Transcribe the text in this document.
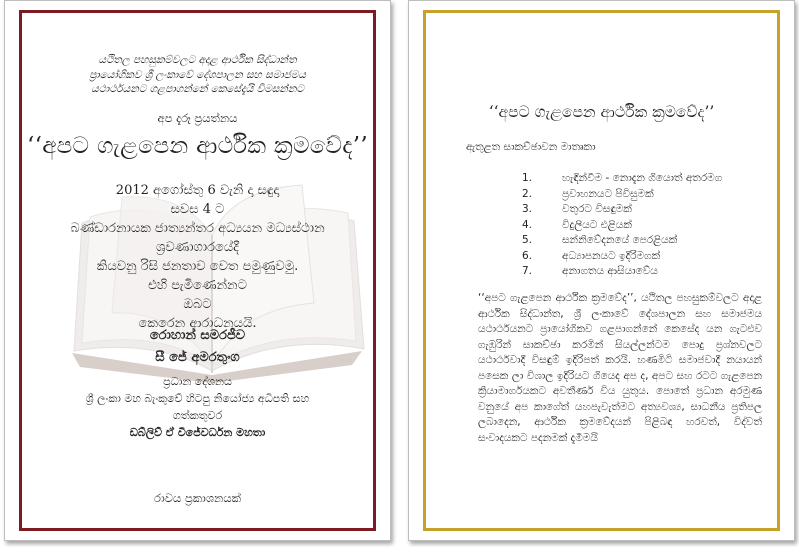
යථිතල පහසුකම්වලට අදාළ ආර්ථික සිද්ධාන්ත
ප්‍රායෝගිකව ශ්‍රී ලංකාවේ දේශපාලන සහ සමාජමය
යථාර්ථයනට ගළපාගන්නේ කෙසේදැයි විමසන්නට
අප දැරූ ප්‍රයත්නය
‘‘අපට ගැළපෙන ආර්ථික ක්‍රමවේද’’
2012 අගෝස්තු 6 වැනි දා සඳුදා
සවස 4 ට
බණ්ඩාරනායක ජාත්‍යන්තර අධ්‍යයන මධ්‍යස්ථාන
ශ්‍රවණාගාරයේදී
කියවනු රිසි ජනතාව වෙත පමුණුවමු.
එහි පැමිණෙන්නට
ඔබට
කෙරෙන ආරාධනයයි.
රොහාන් සමරජීව
සී ජේ අමරතුංග
ප්‍රධාන දේශනය
ශ්‍රී ලංකා මහ බැංකුවේ හිටපු නියෝජ්‍ය අධිපති සහ
ගත්කතුවර
ඩබ්ලිව් ඒ විජේවර්ධන මහතා
රාවය ප්‍රකාශනයක්
‘‘අපට ගැළපෙන ආර්ථික ක්‍රමවේද’’
ඇතුළත සාකච්ඡාවන මාතෘකා
1.	හැඳින්වීම - නොදැන ගියොත් අතරමග
2.	ප්‍රවාහනයට පිවිසුමක්
3.	වතුරට විසඳුමක්
4.	විදුලියට එළියක්
5.	සන්නිවේදනයේ පෙරළියක්
6.	අධ්‍යාපනයට ඉදිරිමගක්
7.	අනාගතය ආසියාවේය
‘‘අපට ගැළපෙන ආර්ථික ක්‍රමවේද’’, යථිතල පහසුකම්වලට අදාළ ආර්ථික සිද්ධාන්ත, ශ්‍රී ලංකාවේ දේශපාලන සහ සමාජමය යථාර්ථයනට ප්‍රායෝගිකව ගළපාගන්නේ කෙසේද යන ගැටළුව ගැඹුරින් සාකච්ඡා කරමින් සියල්ලන්ටම පොදු ප්‍රශ්නවලට යථාර්ථවාදී විසඳුම් ඉදිරිපත් කරයි. හණමිටි සමාජවාදී නයායන් පසෙක ලා විශාල ඉදිරියට ගියෙද අප ද, අපට සහ රටට ගැළපෙන ක්‍රියාමාර්ගයකට අවතීර්ණ විය යුතුය. පොතේ ප්‍රධාන අරමුණ වනුයේ අප කාගේත් යහපැවැත්මට අත්‍යවශ්‍ය, සාධනීය ප්‍රතිපල ලබාදෙන, ආර්ථික ක්‍රමවේදයන් පිළිබඳ හරවත්, විද්වත් සංවාදයකට පදනමක් දැමීමයි
